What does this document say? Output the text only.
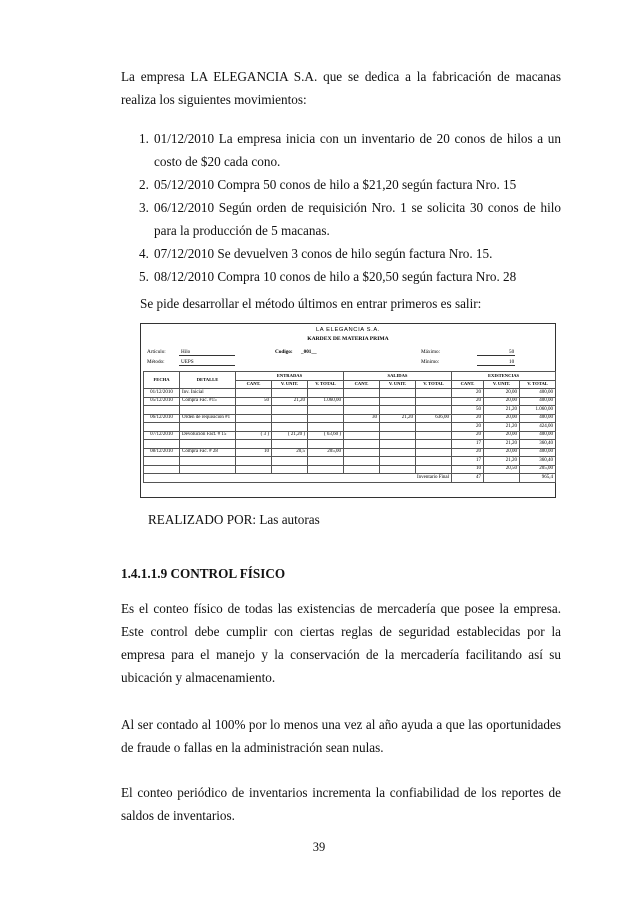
La empresa LA ELEGANCIA S.A. que se dedica a la fabricación de macanas realiza los siguientes movimientos:
1. 01/12/2010 La empresa inicia con un inventario de 20 conos de hilos a un costo de $20 cada cono.
2. 05/12/2010 Compra 50 conos de hilo a $21,20 según factura Nro. 15
3. 06/12/2010 Según orden de requisición Nro. 1 se solicita 30 conos de hilo para la producción de 5 macanas.
4. 07/12/2010 Se devuelven 3 conos de hilo según factura Nro. 15.
5. 08/12/2010 Compra 10 conos de hilo a $20,50 según factura Nro. 28
Se pide desarrollar el método últimos en entrar primeros es salir:
LA ELEGANCIA S.A.
KARDEX DE MATERIA PRIMA
Artículo:	Hilo
Método:	UEPS
Codigo: _001__	Máximo:	50
Mínimo:	10
FECHA	DETALLE	ENTRADAS			SALIDAS			EXISTENCIAS		
		CANT.	V. UNIT.	V. TOTAL	CANT.	V. UNIT.	V. TOTAL	CANT.	V. UNIT.	V. TOTAL
01/12/2010	Inv. Inicial							20	20,00	400,00
05/12/2010	Compra Fac. #15	50	21,20	1.060,00				20	20,00	400,00
								50	21,20	1.060,00
06/12/2010	Orden de requisición #1				30	21,20	636,00	20	20,00	400,00
								20	21,20	424,00
07/12/2010	Devolución Fact. # 15	( 3 )	( 21,20 )	( 63,60 )				20	20,00	400,00
								17	21,20	360,40
08/12/2010	Compra Fac. # 28	10	20,5	205,00				20	20,00	400,00
								17	21,20	360,40
								10	20,50	205,00
Inventario Final								47		965,4
REALIZADO POR: Las autoras
1.4.1.1.9 CONTROL FÍSICO
Es el conteo físico de todas las existencias de mercadería que posee la empresa. Este control debe cumplir con ciertas reglas de seguridad establecidas por la empresa para el manejo y la conservación de la mercadería facilitando así su ubicación y almacenamiento.
Al ser contado al 100% por lo menos una vez al año ayuda a que las oportunidades de fraude o fallas en la administración sean nulas.
El conteo periódico de inventarios incrementa la confiabilidad de los reportes de saldos de inventarios.
39
